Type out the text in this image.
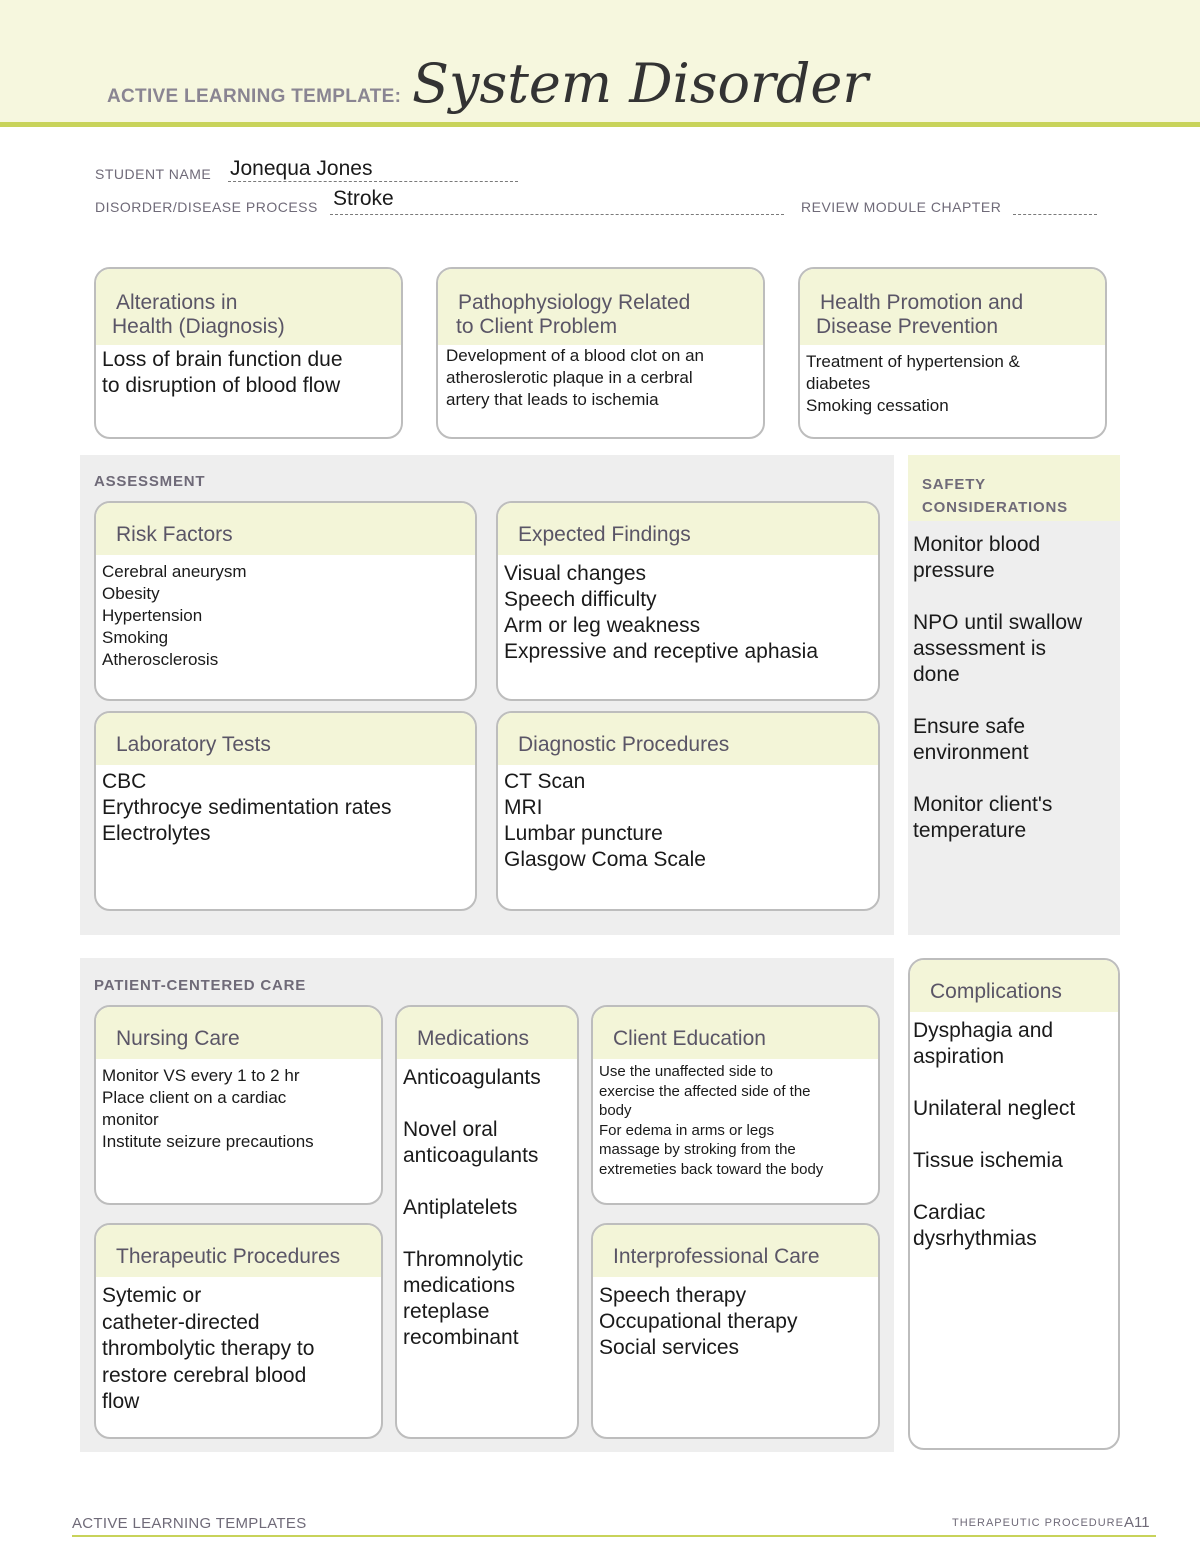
ACTIVE LEARNING TEMPLATE: System Disorder
STUDENT NAME Jonequa Jones
DISORDER/DISEASE PROCESS Stroke	REVIEW MODULE CHAPTER
Alterations in
Health (Diagnosis)
Loss of brain function due
to disruption of blood flow
Pathophysiology Related
to Client Problem
Development of a blood clot on an
atheroslerotic plaque in a cerbral
artery that leads to ischemia
Health Promotion and
Disease Prevention
Treatment of hypertension &
diabetes
Smoking cessation
ASSESSMENT
Risk Factors
Cerebral aneurysm
Obesity
Hypertension
Smoking
Atherosclerosis
Expected Findings
Visual changes
Speech difficulty
Arm or leg weakness
Expressive and receptive aphasia
Laboratory Tests
CBC
Erythrocye sedimentation rates
Electrolytes
Diagnostic Procedures
CT Scan
MRI
Lumbar puncture
Glasgow Coma Scale
SAFETY
CONSIDERATIONS
Monitor blood
pressure
NPO until swallow
assessment is
done
Ensure safe
environment
Monitor client's
temperature
PATIENT-CENTERED CARE
Nursing Care
Monitor VS every 1 to 2 hr
Place client on a cardiac
monitor
Institute seizure precautions
Medications
Anticoagulants
Novel oral
anticoagulants
Antiplatelets
Thromnolytic
medications
reteplase
recombinant
Client Education
Use the unaffected side to
exercise the affected side of the
body
For edema in arms or legs
massage by stroking from the
extremeties back toward the body
Therapeutic Procedures
Sytemic or
catheter-directed
thrombolytic therapy to
restore cerebral blood
flow
Interprofessional Care
Speech therapy
Occupational therapy
Social services
Complications
Dysphagia and
aspiration
Unilateral neglect
Tissue ischemia
Cardiac
dysrhythmias
ACTIVE LEARNING TEMPLATES	THERAPEUTIC PROCEDURE A11
